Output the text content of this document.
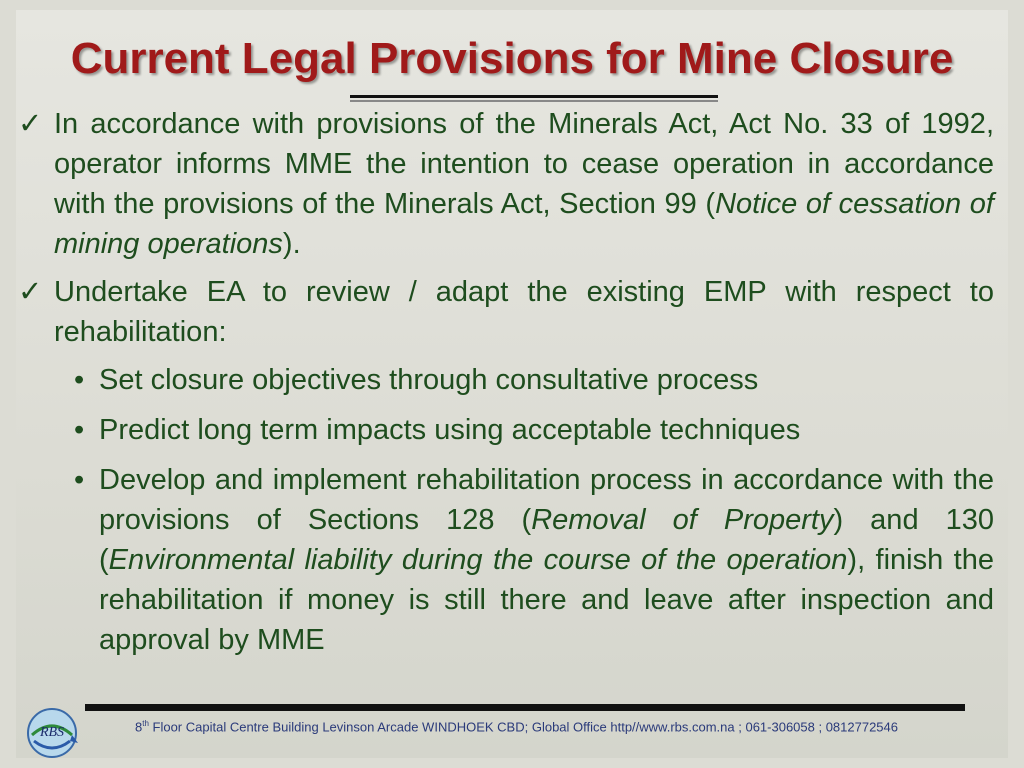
Current Legal Provisions for Mine Closure
✓ In accordance with provisions of the Minerals Act, Act No. 33 of 1992, operator informs MME the intention to cease operation in accordance with the provisions of the Minerals Act, Section 99 (Notice of cessation of mining operations).
✓ Undertake EA to review / adapt the existing EMP with respect to rehabilitation:
• Set closure objectives through consultative process
• Predict long term impacts using acceptable techniques
• Develop and implement rehabilitation process in accordance with the provisions of Sections 128 (Removal of Property) and 130 (Environmental liability during the course of the operation), finish the rehabilitation if money is still there and leave after inspection and approval by MME
RBS	8th Floor Capital Centre Building Levinson Arcade WINDHOEK CBD; Global Office http//www.rbs.com.na ; 061-306058 ; 0812772546
